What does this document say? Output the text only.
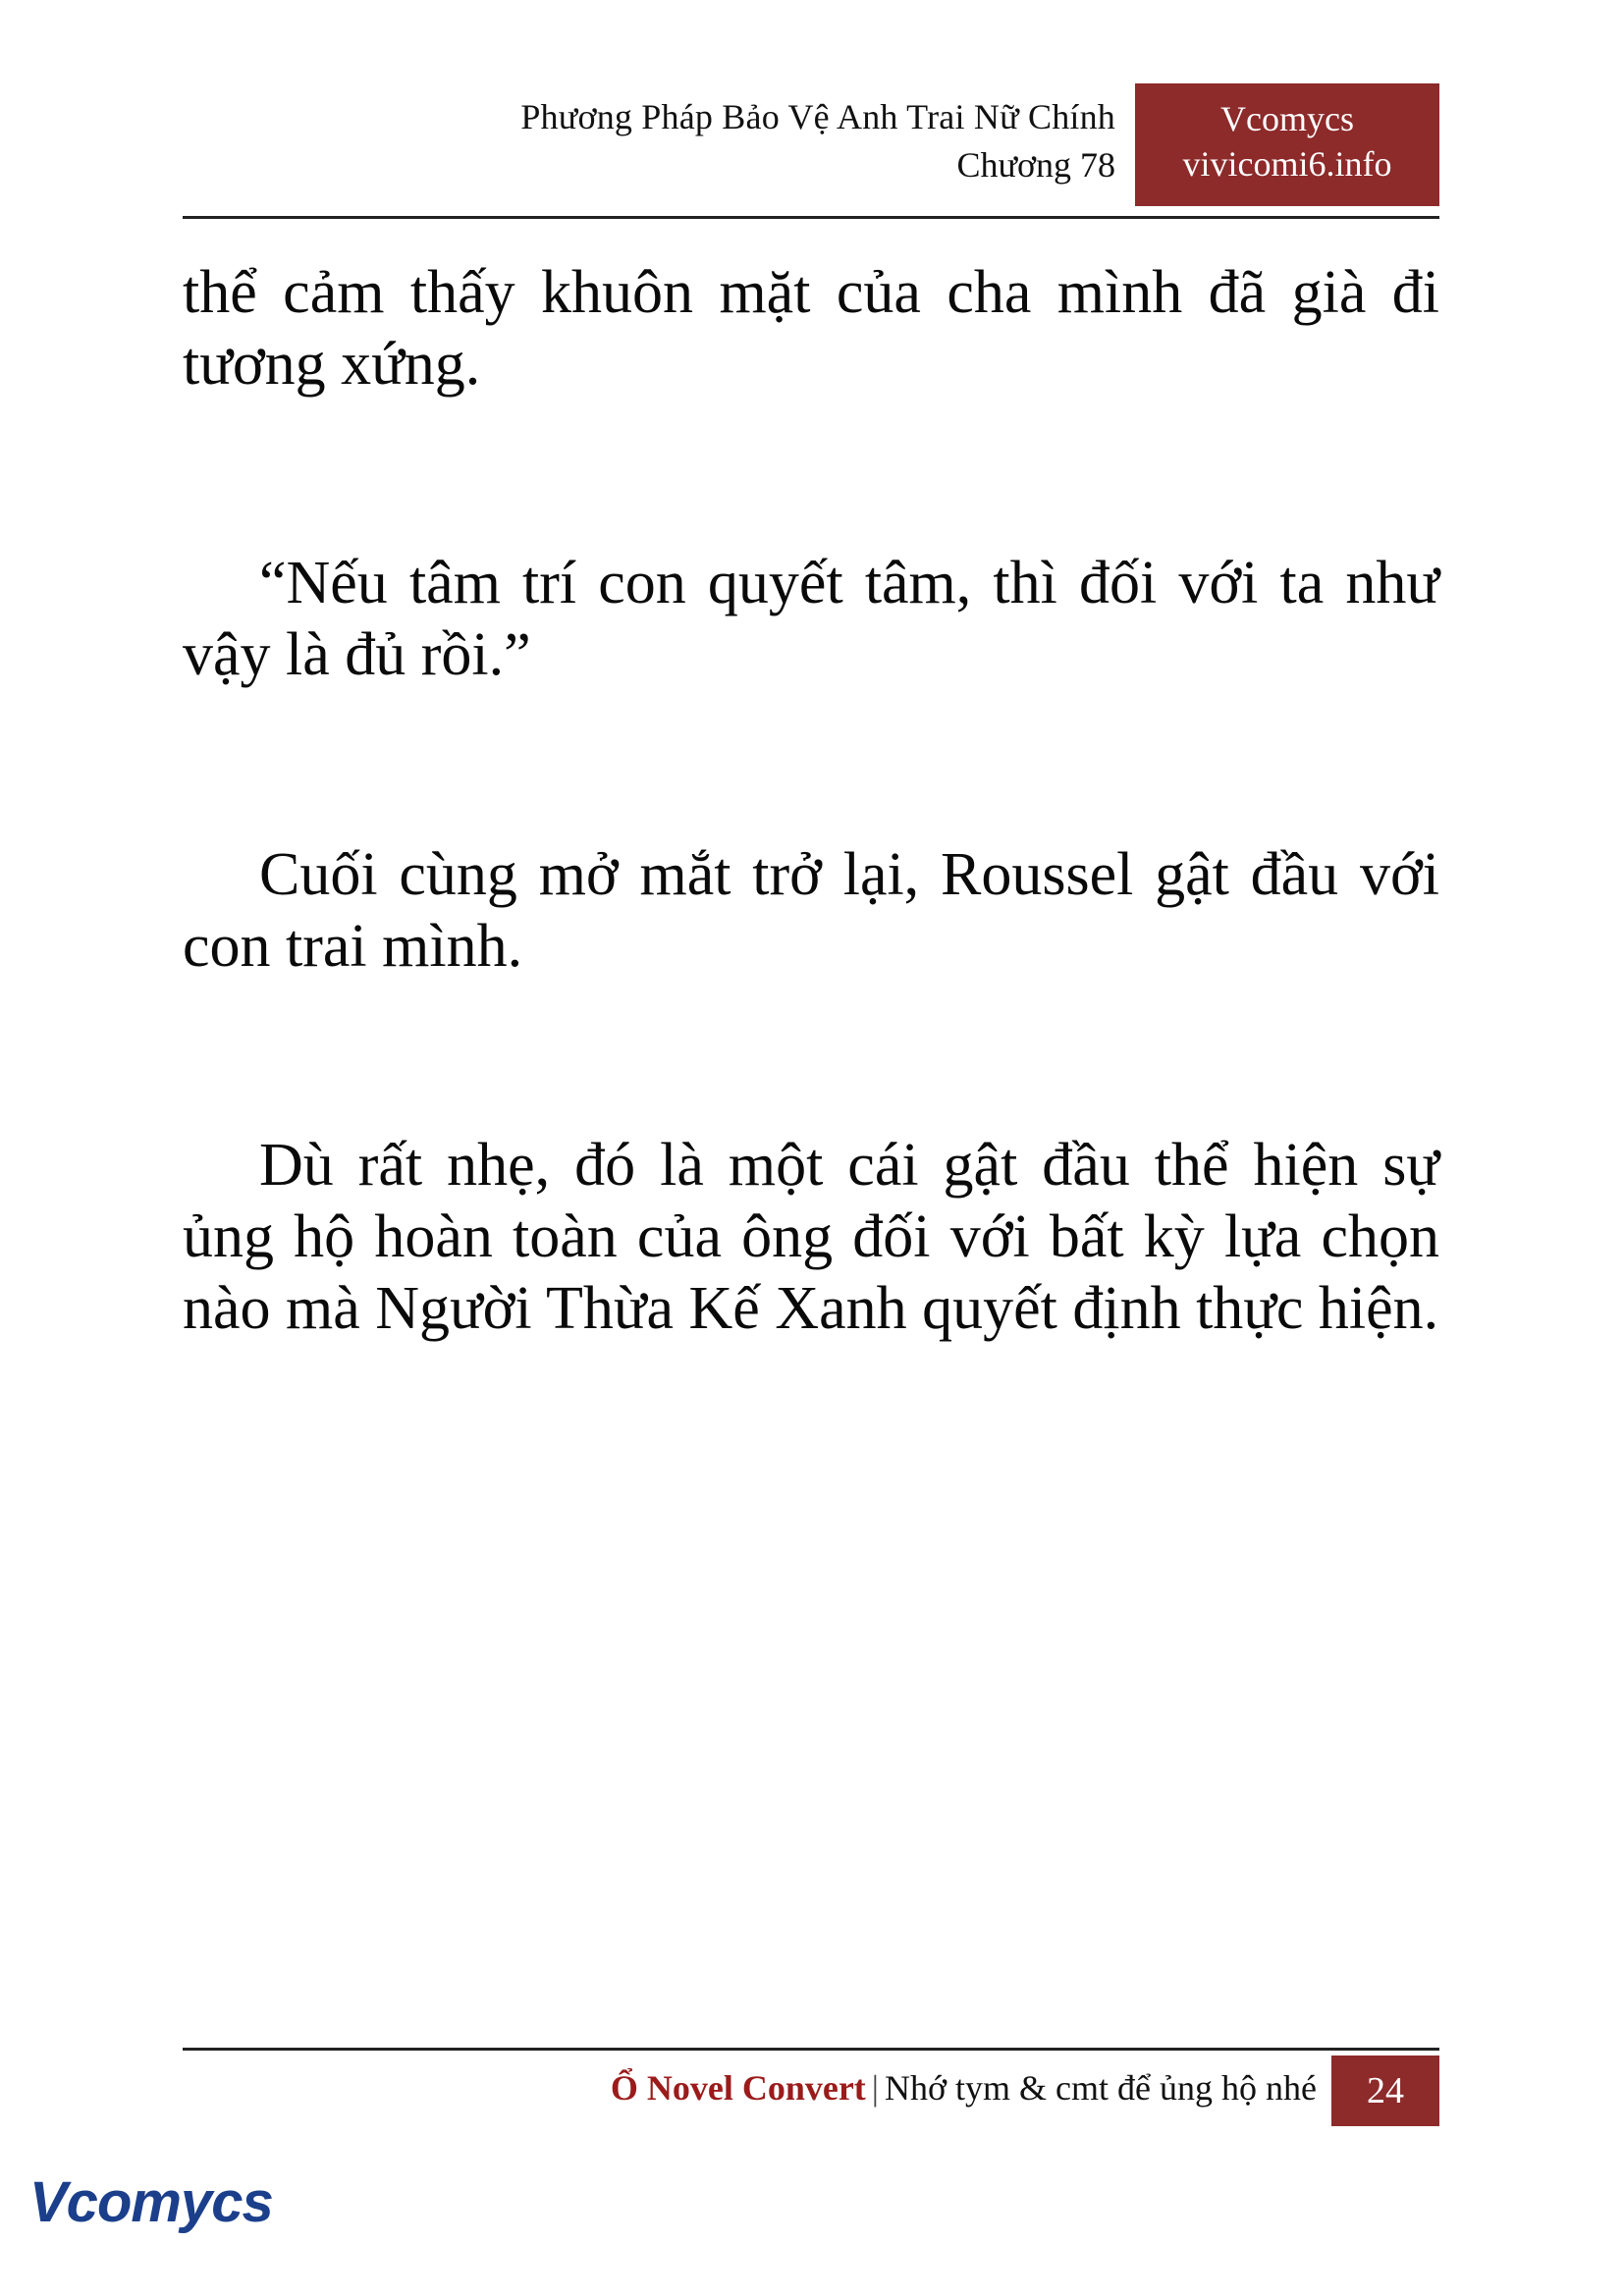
Phương Pháp Bảo Vệ Anh Trai Nữ Chính
Chương 78
Vcomycs
vivicomi6.info

thể cảm thấy khuôn mặt của cha mình đã già đi tương xứng.

“Nếu tâm trí con quyết tâm, thì đối với ta như vậy là đủ rồi.”

Cuối cùng mở mắt trở lại, Roussel gật đầu với con trai mình.

Dù rất nhẹ, đó là một cái gật đầu thể hiện sự ủng hộ hoàn toàn của ông đối với bất kỳ lựa chọn nào mà Người Thừa Kế Xanh quyết định thực hiện.

Ổ Novel Convert | Nhớ tym & cmt để ủng hộ nhé	24
Vcomycs
